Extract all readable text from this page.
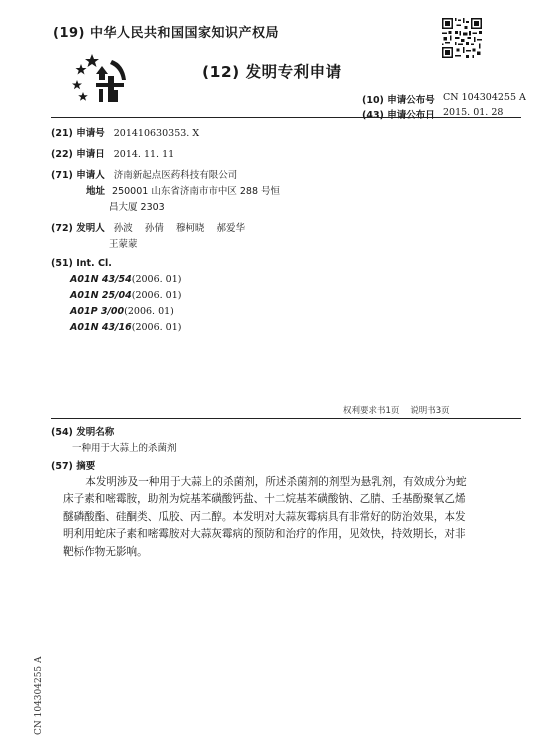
(19) 中华人民共和国国家知识产权局
(12) 发明专利申请
(10) 申请公布号 CN 104304255 A
(43) 申请公布日 2015. 01. 28
(21) 申请号 201410630353. X
(22) 申请日 2014. 11. 11
(71) 申请人 济南新起点医药科技有限公司
地址 250001 山东省济南市市中区 288 号恒
昌大厦 2303
(72) 发明人 孙波    孙倩    穆柯晓    郝爱华
王蒙蒙
(51) Int. Cl.
A01N 43/54(2006. 01)
A01N 25/04(2006. 01)
A01P 3/00(2006. 01)
A01N 43/16(2006. 01)
权利要求书1页    说明书3页
(54) 发明名称
一种用于大蒜上的杀菌剂
(57) 摘要

本发明涉及一种用于大蒜上的杀菌剂，所述杀菌剂的剂型为悬乳剂，有效成分为蛇床子素和嘧霉胺，助剂为烷基苯磺酸钙盐、十二烷基苯磺酸钠、乙腈、壬基酚聚氧乙烯醚磷酸酯、硅酮类、瓜胶、丙二醇。本发明对大蒜灰霉病具有非常好的防治效果，本发明利用蛇床子素和嘧霉胺对大蒜灰霉病的预防和治疗的作用，见效快，持效期长，对非靶标作物无影响。

CN 104304255 A
